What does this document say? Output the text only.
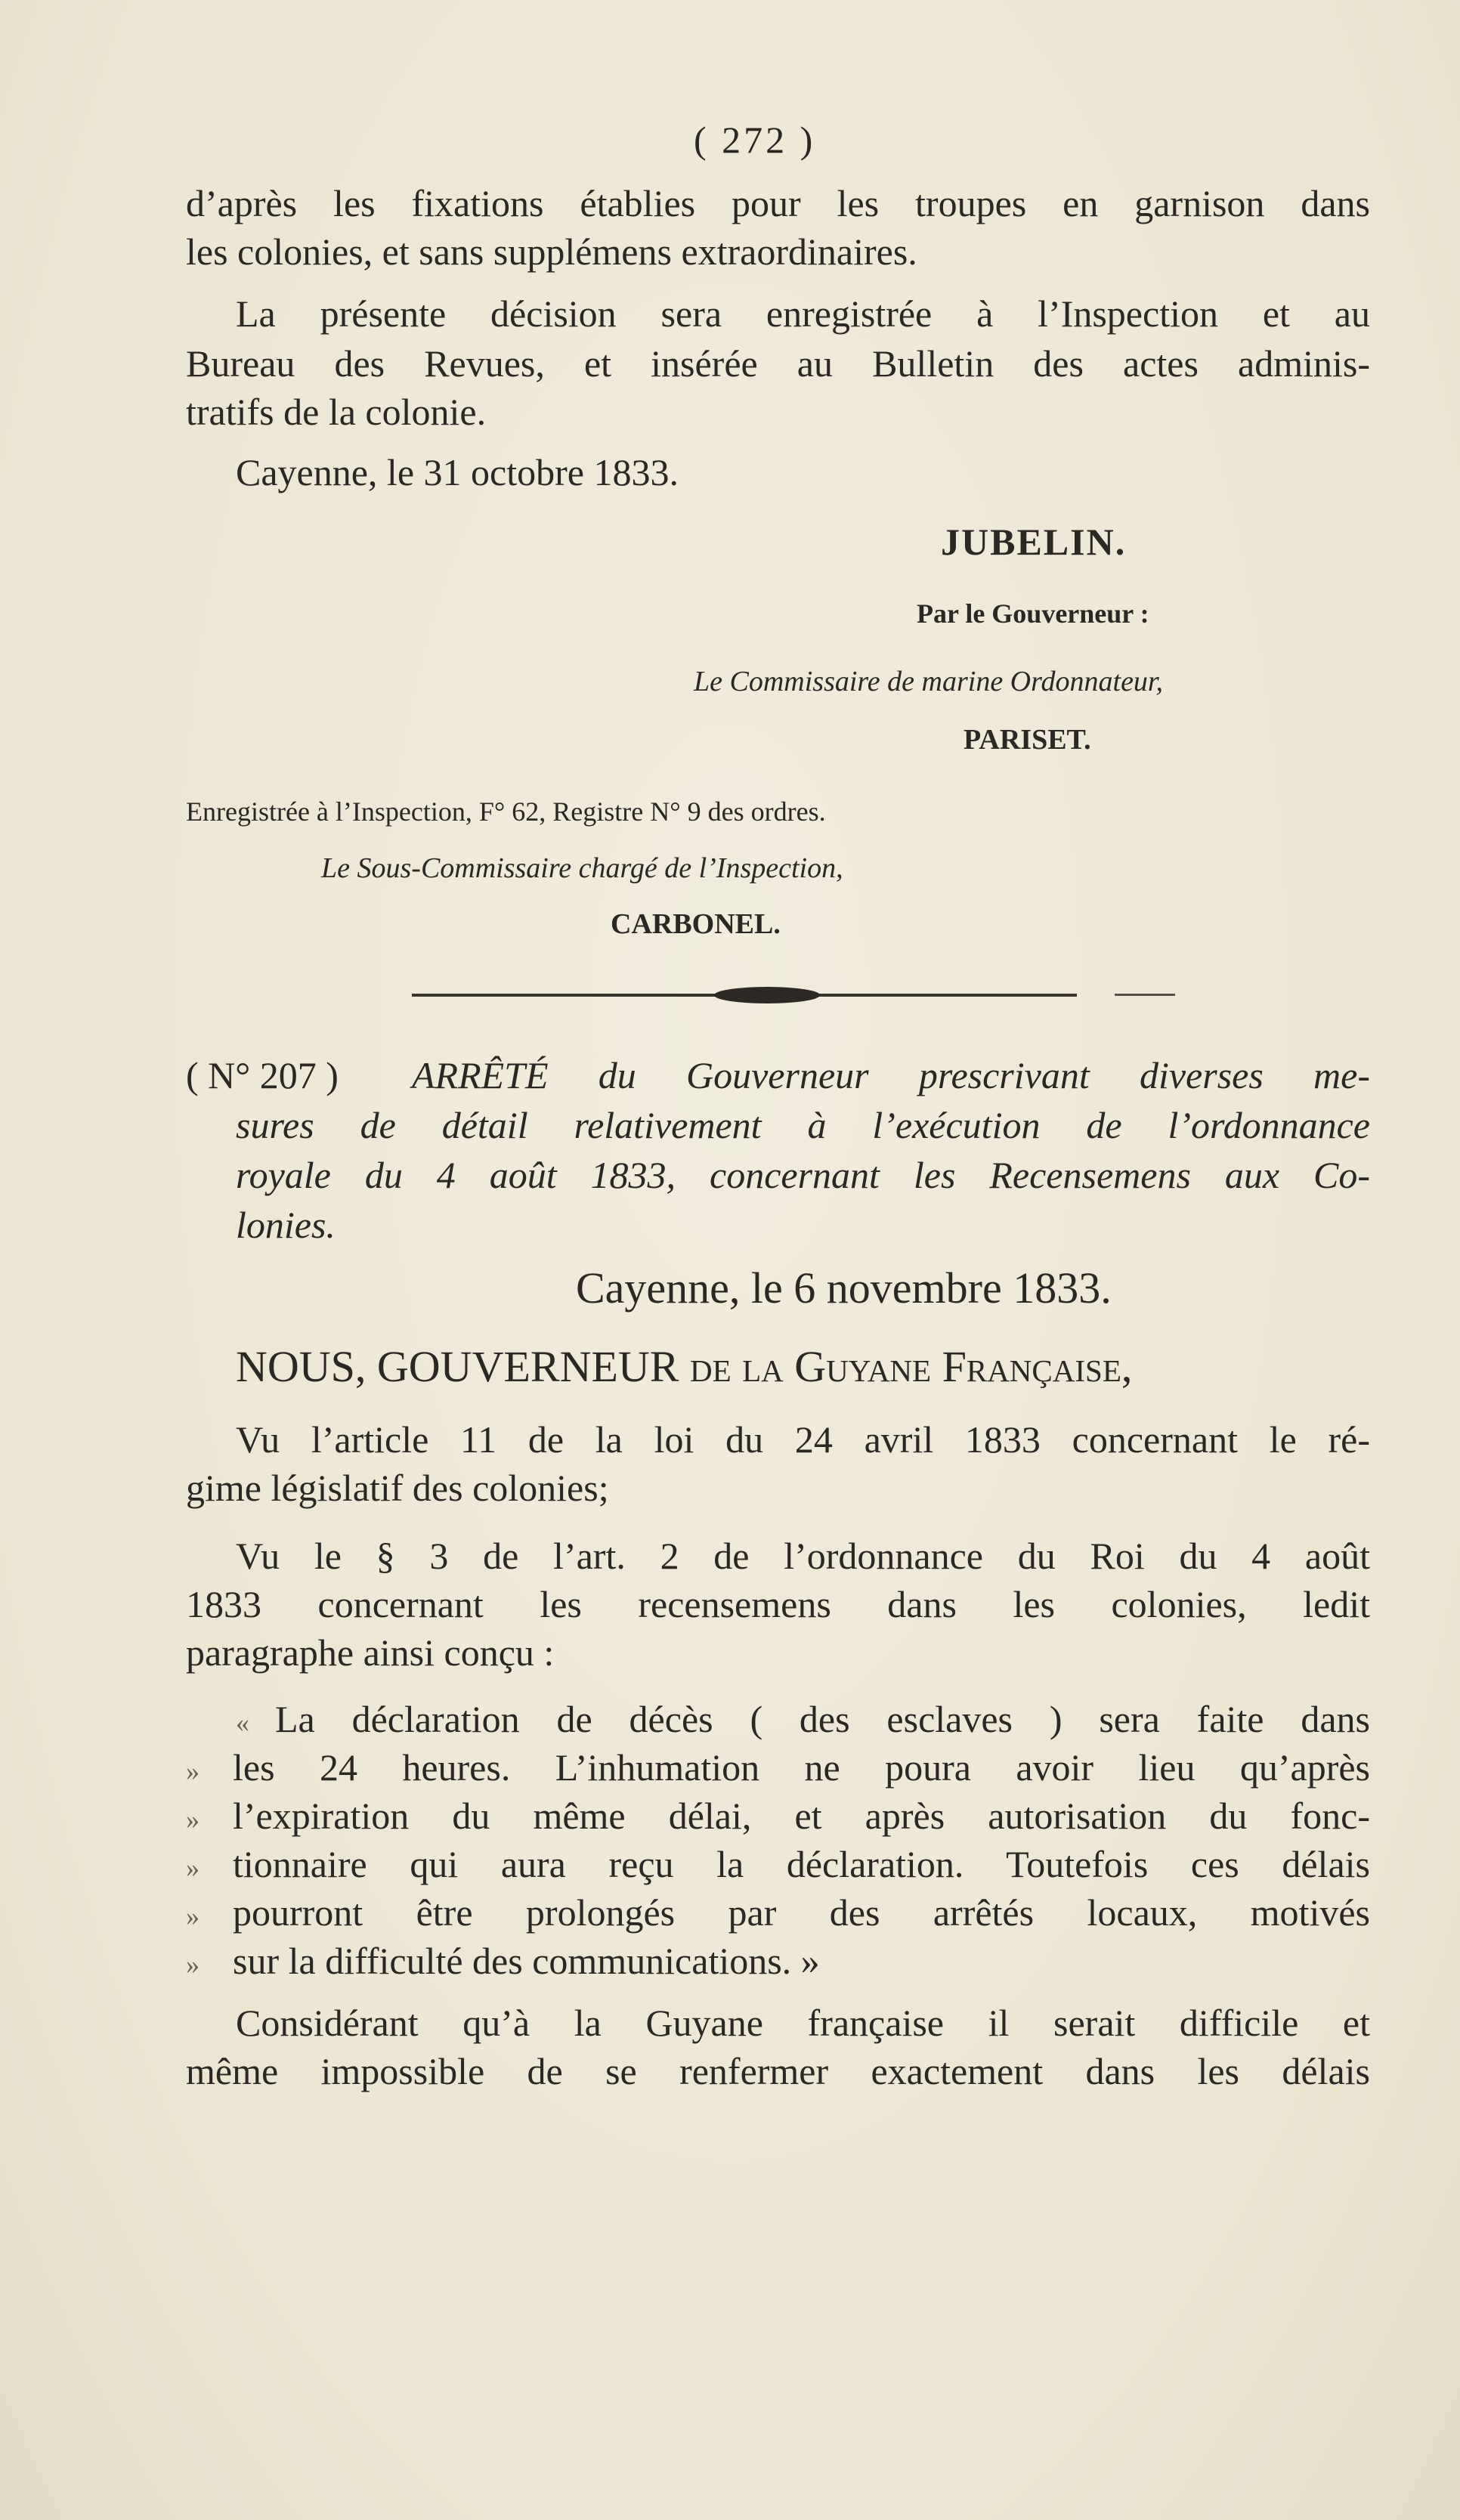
( 272 )
d’après les fixations établies pour les troupes en garnison dans
les colonies, et sans supplémens extraordinaires.
La présente décision sera enregistrée à l’Inspection et au
Bureau des Revues, et insérée au Bulletin des actes adminis-
tratifs de la colonie.
Cayenne, le 31 octobre 1833.
JUBELIN.
Par le Gouverneur :
Le Commissaire de marine Ordonnateur,
PARISET.
Enregistrée à l’Inspection, F° 62, Registre N° 9 des ordres.
Le Sous-Commissaire chargé de l’Inspection,
CARBONEL.
( N° 207 ) ARRÊTÉ du Gouverneur prescrivant diverses me-
sures de détail relativement à l’exécution de l’ordonnance
royale du 4 août 1833, concernant les Recensemens aux Co-
lonies.
Cayenne, le 6 novembre 1833.
NOUS, GOUVERNEUR de la Guyane Française,
Vu l’article 11 de la loi du 24 avril 1833 concernant le ré-
gime législatif des colonies;
Vu le § 3 de l’art. 2 de l’ordonnance du Roi du 4 août
1833 concernant les recensemens dans les colonies, ledit
paragraphe ainsi conçu :
« La déclaration de décès ( des esclaves ) sera faite dans
» les 24 heures. L’inhumation ne poura avoir lieu qu’après
» l’expiration du même délai, et après autorisation du fonc-
» tionnaire qui aura reçu la déclaration. Toutefois ces délais
» pourront être prolongés par des arrêtés locaux, motivés
» sur la difficulté des communications. »
Considérant qu’à la Guyane française il serait difficile et
même impossible de se renfermer exactement dans les délais
